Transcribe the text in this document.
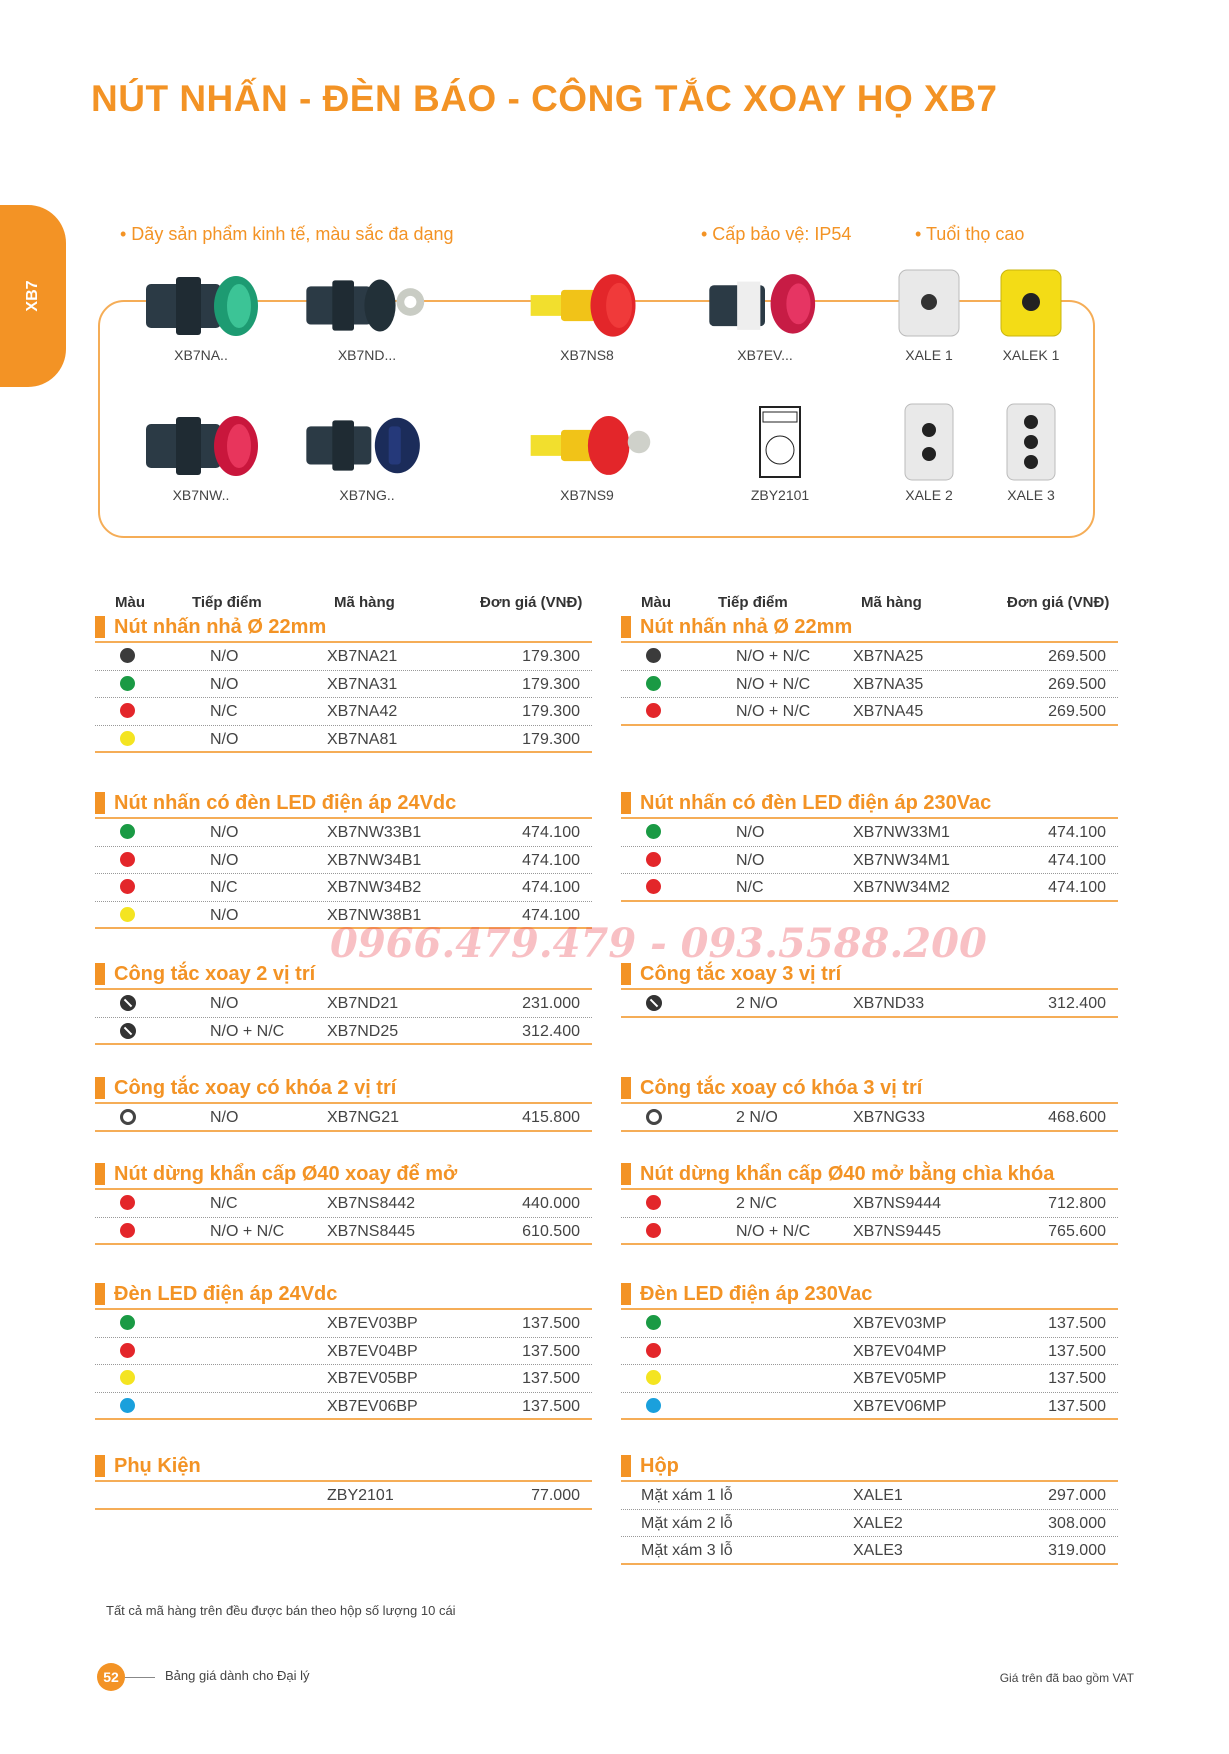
NÚT NHẤN - ĐÈN BÁO - CÔNG TẮC XOAY HỌ XB7
XB7
• Dãy sản phẩm kinh tế, màu sắc đa dạng	• Cấp bảo vệ: IP54	• Tuổi thọ cao
XB7NA..	XB7ND...	XB7NS8	XB7EV...	XALE 1	XALEK 1
XB7NW..	XB7NG..	XB7NS9	ZBY2101	XALE 2	XALE 3
Màu	Tiếp điểm	Mã hàng	Đơn giá (VNĐ)	Màu	Tiếp điểm	Mã hàng	Đơn giá (VNĐ)
Nút nhấn nhả Ø 22mm
N/O	XB7NA21	179.300
N/O	XB7NA31	179.300
N/C	XB7NA42	179.300
N/O	XB7NA81	179.300
Nút nhấn có đèn LED điện áp 24Vdc
N/O	XB7NW33B1	474.100
N/O	XB7NW34B1	474.100
N/C	XB7NW34B2	474.100
N/O	XB7NW38B1	474.100
Công tắc xoay 2 vị trí
N/O	XB7ND21	231.000
N/O + N/C	XB7ND25	312.400
Công tắc xoay có khóa 2 vị trí
N/O	XB7NG21	415.800
Nút dừng khẩn cấp Ø40 xoay để mở
N/C	XB7NS8442	440.000
N/O + N/C	XB7NS8445	610.500
Đèn LED điện áp 24Vdc
XB7EV03BP	137.500
XB7EV04BP	137.500
XB7EV05BP	137.500
XB7EV06BP	137.500
Phụ Kiện
ZBY2101	77.000
Nút nhấn nhả Ø 22mm
N/O + N/C	XB7NA25	269.500
N/O + N/C	XB7NA35	269.500
N/O + N/C	XB7NA45	269.500
Nút nhấn có đèn LED điện áp 230Vac
N/O	XB7NW33M1	474.100
N/O	XB7NW34M1	474.100
N/C	XB7NW34M2	474.100
Công tắc xoay 3 vị trí
2 N/O	XB7ND33	312.400
Công tắc xoay có khóa 3 vị trí
2 N/O	XB7NG33	468.600
Nút dừng khẩn cấp Ø40 mở bằng chìa khóa
2 N/C	XB7NS9444	712.800
N/O + N/C	XB7NS9445	765.600
Đèn LED điện áp 230Vac
XB7EV03MP	137.500
XB7EV04MP	137.500
XB7EV05MP	137.500
XB7EV06MP	137.500
Hộp
Mặt xám 1 lỗ	XALE1	297.000
Mặt xám 2 lỗ	XALE2	308.000
Mặt xám 3 lỗ	XALE3	319.000
0966.479.479 - 093.5588.200
Tất cả mã hàng trên đều được bán theo hộp số lượng 10 cái
52	Bảng giá dành cho Đại lý	Giá trên đã bao gồm VAT
